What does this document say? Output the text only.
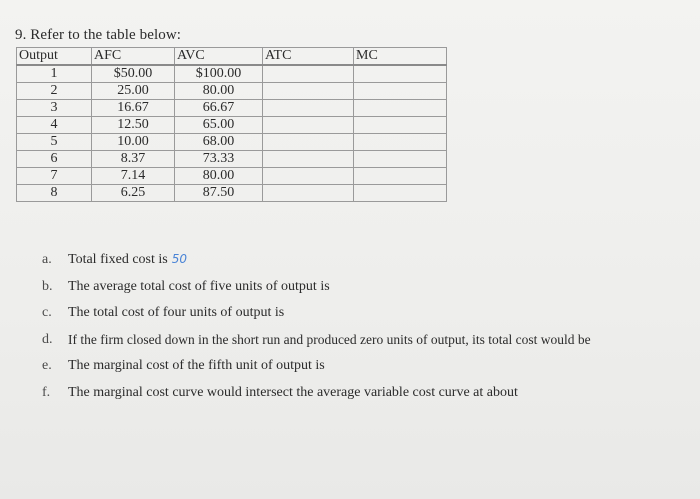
9. Refer to the table below:
Output	AFC	AVC	ATC	MC
1	$50.00	$100.00		
2	25.00	80.00		
3	16.67	66.67		
4	12.50	65.00		
5	10.00	68.00		
6	8.37	73.33		
7	7.14	80.00		
8	6.25	87.50		
a. Total fixed cost is 50
b. The average total cost of five units of output is
c. The total cost of four units of output is
d. If the firm closed down in the short run and produced zero units of output, its total cost would be
e. The marginal cost of the fifth unit of output is
f. The marginal cost curve would intersect the average variable cost curve at about
